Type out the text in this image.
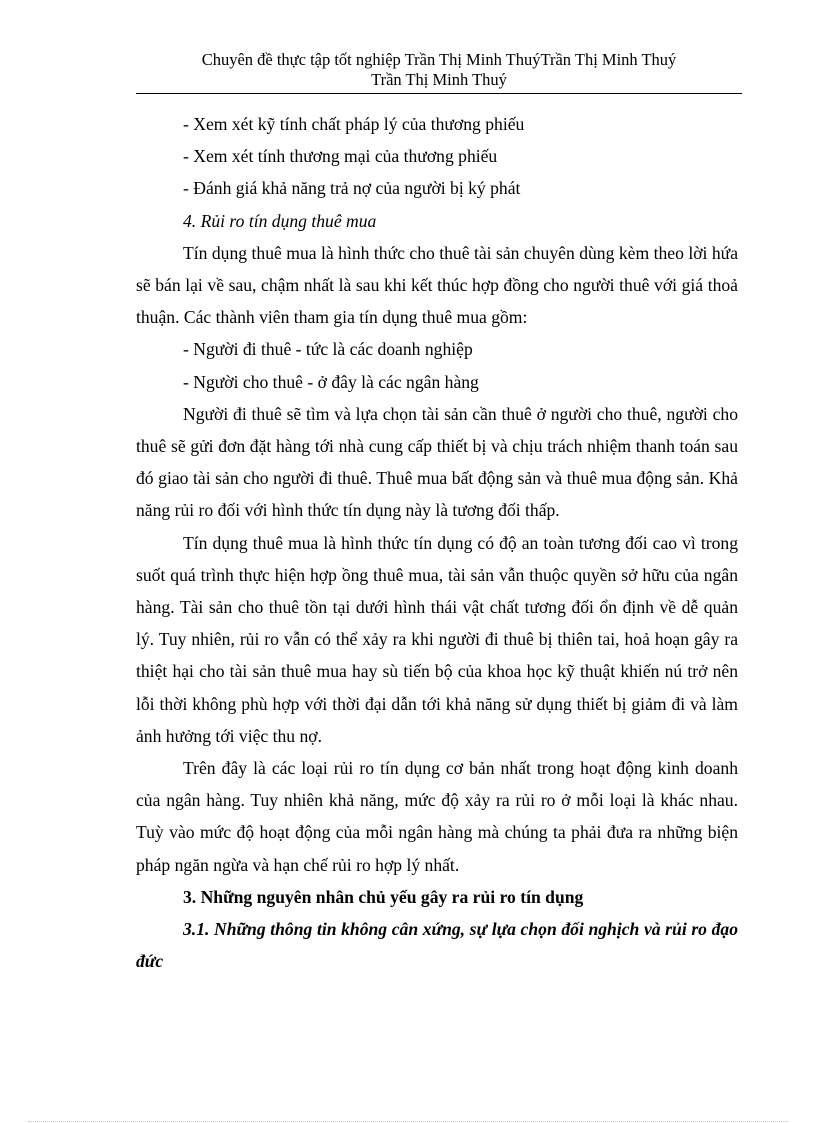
Chuyên đề thực tập tốt nghiệp Trần Thị Minh ThuýTrần Thị Minh Thuý
Trần Thị Minh Thuý

- Xem xét kỹ tính chất pháp lý của thương phiếu

- Xem xét tính thương mại của thương phiếu

- Đánh giá khả năng trả nợ của người bị ký phát

4. Rủi ro tín dụng thuê mua

Tín dụng thuê mua là hình thức cho thuê tài sản chuyên dùng kèm theo lời hứa sẽ bán lại về sau, chậm nhất là sau khi kết thúc hợp đồng cho người thuê với giá thoả thuận. Các thành viên tham gia tín dụng thuê mua gồm:

- Người đi thuê - tức là các doanh nghiệp

- Người cho thuê - ở đây là các ngân hàng

Người đi thuê sẽ tìm và lựa chọn tài sản cần thuê ở người cho thuê, người cho thuê sẽ gửi đơn đặt hàng tới nhà cung cấp thiết bị và chịu trách nhiệm thanh toán sau đó giao tài sản cho người đi thuê. Thuê mua bất động sản và thuê mua động sản. Khả năng rủi ro đối với hình thức tín dụng này là tương đối thấp.

Tín dụng thuê mua là hình thức tín dụng có độ an toàn tương đối cao vì trong suốt quá trình thực hiện hợp ồng thuê mua, tài sản vẫn thuộc quyền sở hữu của ngân hàng. Tài sản cho thuê tồn tại dưới hình thái vật chất tương đối ổn định về dễ quản lý. Tuy nhiên, rủi ro vẫn có thể xảy ra khi người đi thuê bị thiên tai, hoả hoạn gây ra thiệt hại cho tài sản thuê mua hay sù tiến bộ của khoa học kỹ thuật khiến nú trở nên lỗi thời không phù hợp với thời đại dẫn tới khả năng sử dụng thiết bị giảm đi và làm ảnh hưởng tới việc thu nợ.

Trên đây là các loại rủi ro tín dụng cơ bản nhất trong hoạt động kinh doanh của ngân hàng. Tuy nhiên khả năng, mức độ xảy ra rủi ro ở mỗi loại là khác nhau. Tuỳ vào mức độ hoạt động của mỗi ngân hàng mà chúng ta phải đưa ra những biện pháp ngăn ngừa và hạn chế rủi ro hợp lý nhất.

3. Những nguyên nhân chủ yếu gây ra rủi ro tín dụng

3.1. Những thông tin không cân xứng, sự lựa chọn đối nghịch và rủi ro đạo đức
